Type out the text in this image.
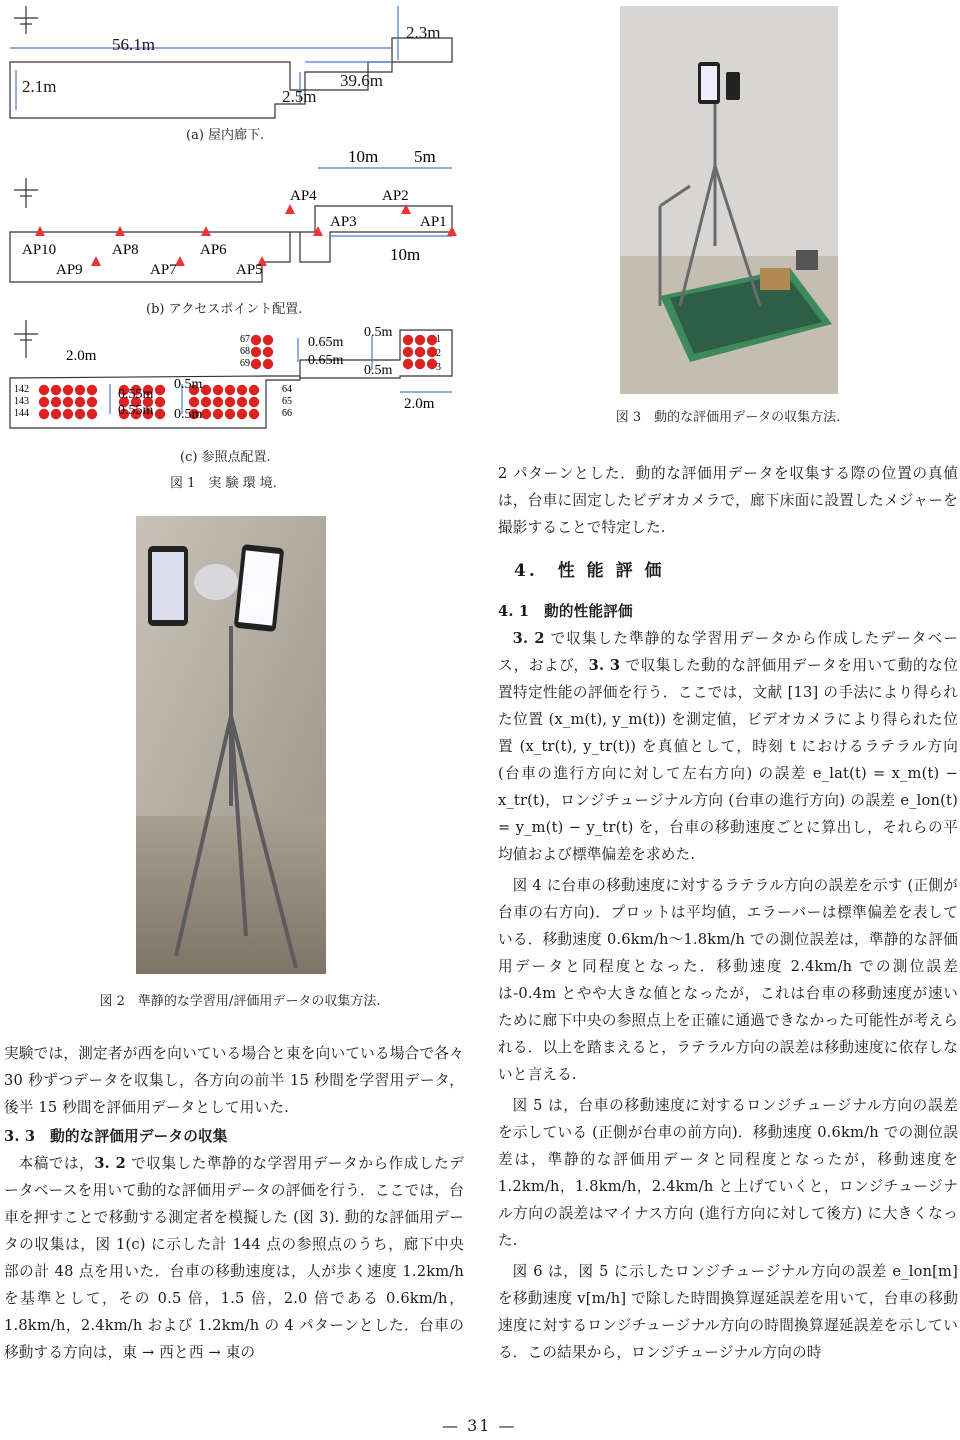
56.1m
2.3m
2.1m
2.5m
39.6m
10m 5m
10m
AP1
AP2
AP3
AP4
AP5
AP6
AP7
AP8
AP9
AP10
2.0m
0.55m
0.55m
0.5m
0.5m
0.65m
0.65m
0.5m
0.5m
2.0m
1
2
3
64
65
66
67
68
69
142
143
144
(a) 屋内廊下.
(b) アクセスポイント配置.
(c) 参照点配置.
図 1　実 験 環 境.
図 2　準静的な学習用/評価用データの収集方法.
図 3　動的な評価用データの収集方法.

実験では，測定者が西を向いている場合と東を向いている場合で各々30 秒ずつデータを収集し，各方向の前半 15 秒間を学習用データ，後半 15 秒間を評価用データとして用いた.

3. 3　動的な評価用データの収集

本稿では，3. 2 で収集した準静的な学習用データから作成したデータベースを用いて動的な評価用データの評価を行う．ここでは，台車を押すことで移動する測定者を模擬した (図 3). 動的な評価用データの収集は，図 1(c) に示した計 144 点の参照点のうち，廊下中央部の計 48 点を用いた．台車の移動速度は，人が歩く速度 1.2km/h を基準として，その 0.5 倍，1.5 倍，2.0 倍である 0.6km/h，1.8km/h，2.4km/h および 1.2km/h の 4 パターンとした．台車の移動する方向は，東 → 西と西 → 東の

2 パターンとした．動的な評価用データを収集する際の位置の真値は，台車に固定したビデオカメラで，廊下床面に設置したメジャーを撮影することで特定した.

4.　性 能 評 価

4. 1　動的性能評価

3. 2 で収集した準静的な学習用データから作成したデータベース，および，3. 3 で収集した動的な評価用データを用いて動的な位置特定性能の評価を行う．ここでは，文献 [13] の手法により得られた位置 (x_m(t), y_m(t)) を測定値，ビデオカメラにより得られた位置 (x_tr(t), y_tr(t)) を真値として，時刻 t におけるラテラル方向 (台車の進行方向に対して左右方向) の誤差 e_lat(t) = x_m(t) − x_tr(t)，ロンジチュージナル方向 (台車の進行方向) の誤差 e_lon(t) = y_m(t) − y_tr(t) を，台車の移動速度ごとに算出し，それらの平均値および標準偏差を求めた.

図 4 に台車の移動速度に対するラテラル方向の誤差を示す (正側が台車の右方向)．プロットは平均値，エラーバーは標準偏差を表している．移動速度 0.6km/h〜1.8km/h での測位誤差は，準静的な評価用データと同程度となった．移動速度 2.4km/h での測位誤差は-0.4m とやや大きな値となったが，これは台車の移動速度が速いために廊下中央の参照点上を正確に通過できなかった可能性が考えられる．以上を踏まえると，ラテラル方向の誤差は移動速度に依存しないと言える.

図 5 は，台車の移動速度に対するロンジチュージナル方向の誤差を示している (正側が台車の前方向)．移動速度 0.6km/h での測位誤差は，準静的な評価用データと同程度となったが，移動速度を 1.2km/h，1.8km/h，2.4km/h と上げていくと，ロンジチュージナル方向の誤差はマイナス方向 (進行方向に対して後方) に大きくなった.

図 6 は，図 5 に示したロンジチュージナル方向の誤差 e_lon[m] を移動速度 v[m/h] で除した時間換算遅延誤差を用いて，台車の移動速度に対するロンジチュージナル方向の時間換算遅延誤差を示している．この結果から，ロンジチュージナル方向の時

— 31 —
